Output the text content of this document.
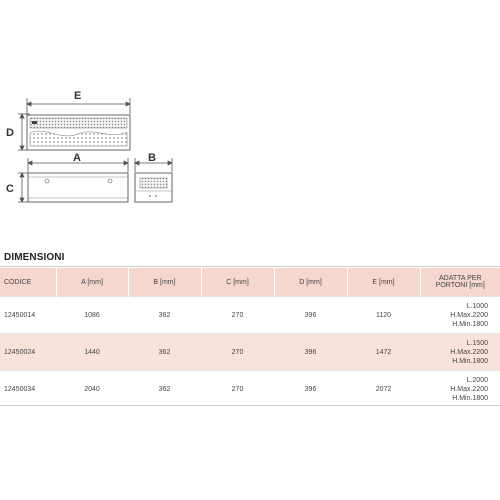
E
D
A
C
B
DIMENSIONI
CODICE	A [mm]	B [mm]	C [mm]	D [mm]	E [mm]	ADATTA PER PORTONI [mm]
12450014	1086	362	270	396	1120	L.1000
H.Max.2200
H.Min.1800

12450024	1440	362	270	396	1472	L.1500
H.Max.2200
H.Min.1800

12450034	2040	362	270	396	2072	L.2000
H.Max.2200
H.Min.1800
